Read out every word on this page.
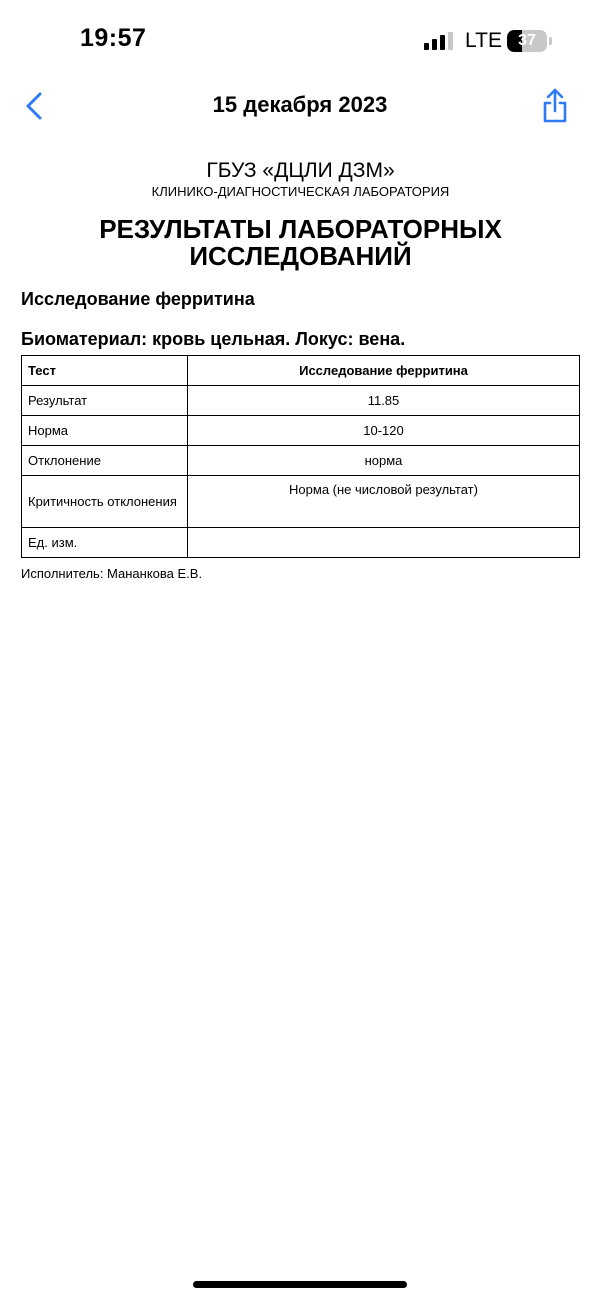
19:57	LTE	37
15 декабря 2023
ГБУЗ «ДЦЛИ ДЗМ»
КЛИНИКО-ДИАГНОСТИЧЕСКАЯ ЛАБОРАТОРИЯ
РЕЗУЛЬТАТЫ ЛАБОРАТОРНЫХ ИССЛЕДОВАНИЙ
Исследование ферритина
Биоматериал: кровь цельная. Локус: вена.
Тест	Исследование ферритина
Результат	11.85
Норма	10-120
Отклонение	норма
Критичность отклонения	Норма (не числовой результат)
Ед. изм.	
Исполнитель: Мананкова Е.В.
